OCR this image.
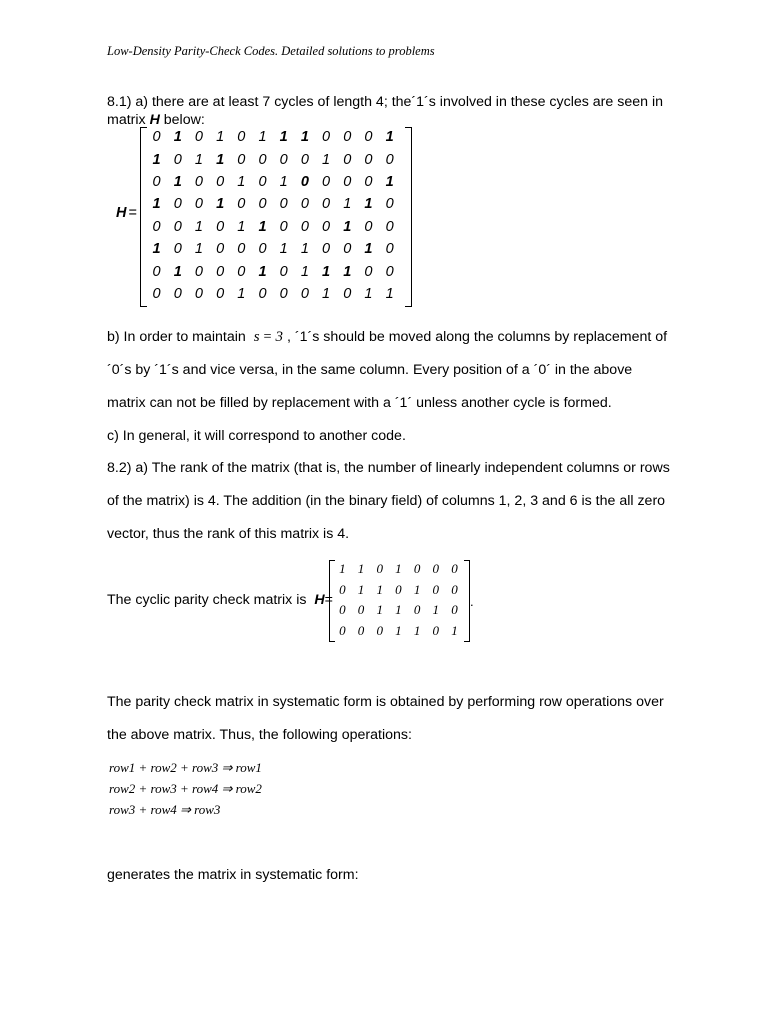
Low-Density Parity-Check Codes. Detailed solutions to problems
8.1) a) there are at least 7 cycles of length 4; the´1´s involved in these cycles are seen in
matrix H below:
H =
0	1	0	1	0	1	1	1	0	0	0	1
1	0	1	1	0	0	0	0	1	0	0	0
0	1	0	0	1	0	1	0	0	0	0	1
1	0	0	1	0	0	0	0	0	1	1	0
0	0	1	0	1	1	0	0	0	1	0	0
1	0	1	0	0	0	1	1	0	0	1	0
0	1	0	0	0	1	0	1	1	1	0	0
0	0	0	0	1	0	0	0	1	0	1	1
b) In order to maintain s = 3 , ´1´s should be moved along the columns by replacement of
´0´s by ´1´s and vice versa, in the same column. Every position of a ´0´ in the above
matrix can not be filled by replacement with a ´1´ unless another cycle is formed.
c) In general, it will correspond to another code.
8.2) a) The rank of the matrix (that is, the number of linearly independent columns or rows
of the matrix) is 4. The addition (in the binary field) of columns 1, 2, 3 and 6 is the all zero
vector, thus the rank of this matrix is 4.
The cyclic parity check matrix is H=
1	1	0	1	0	0	0
0	1	1	0	1	0	0
0	0	1	1	0	1	0
0	0	0	1	1	0	1
.
The parity check matrix in systematic form is obtained by performing row operations over
the above matrix. Thus, the following operations:
row1 + row2 + row3 ⇒ row1
row2 + row3 + row4 ⇒ row2
row3 + row4 ⇒ row3
generates the matrix in systematic form:
